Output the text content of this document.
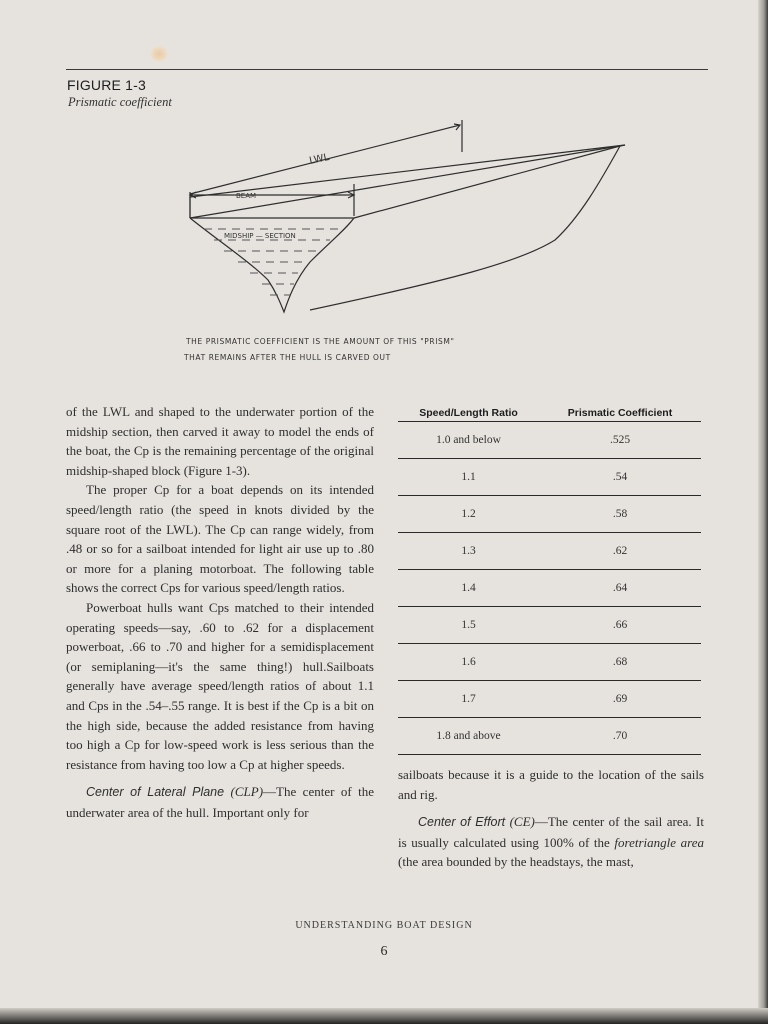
FIGURE 1-3
Prismatic coefficient
LWL
BEAM
MIDSHIP — SECTION
THE PRISMATIC COEFFICIENT IS THE AMOUNT OF THIS "PRISM"
THAT REMAINS AFTER THE HULL IS CARVED OUT

of the LWL and shaped to the underwater portion of the midship section, then carved it away to model the ends of the boat, the Cp is the remaining percentage of the original midship-shaped block (Figure 1-3).

The proper Cp for a boat depends on its intended speed/length ratio (the speed in knots divided by the square root of the LWL). The Cp can range widely, from .48 or so for a sailboat intended for light air use up to .80 or more for a planing motorboat. The following table shows the correct Cps for various speed/length ratios.

Powerboat hulls want Cps matched to their intended operating speeds—say, .60 to .62 for a displacement powerboat, .66 to .70 and higher for a semidisplacement (or semiplaning—it's the same thing!) hull.Sailboats generally have average speed/length ratios of about 1.1 and Cps in the .54–.55 range. It is best if the Cp is a bit on the high side, because the added resistance from having too high a Cp for low-speed work is less serious than the resistance from having too low a Cp at higher speeds.

Center of Lateral Plane (CLP)—The center of the underwater area of the hull. Important only for

Speed/Length Ratio	Prismatic Coefficient
1.0 and below	.525
1.1	.54
1.2	.58
1.3	.62
1.4	.64
1.5	.66
1.6	.68
1.7	.69
1.8 and above	.70

sailboats because it is a guide to the location of the sails and rig.

Center of Effort (CE)—The center of the sail area. It is usually calculated using 100% of the foretriangle area (the area bounded by the headstays, the mast,

UNDERSTANDING BOAT DESIGN
6
